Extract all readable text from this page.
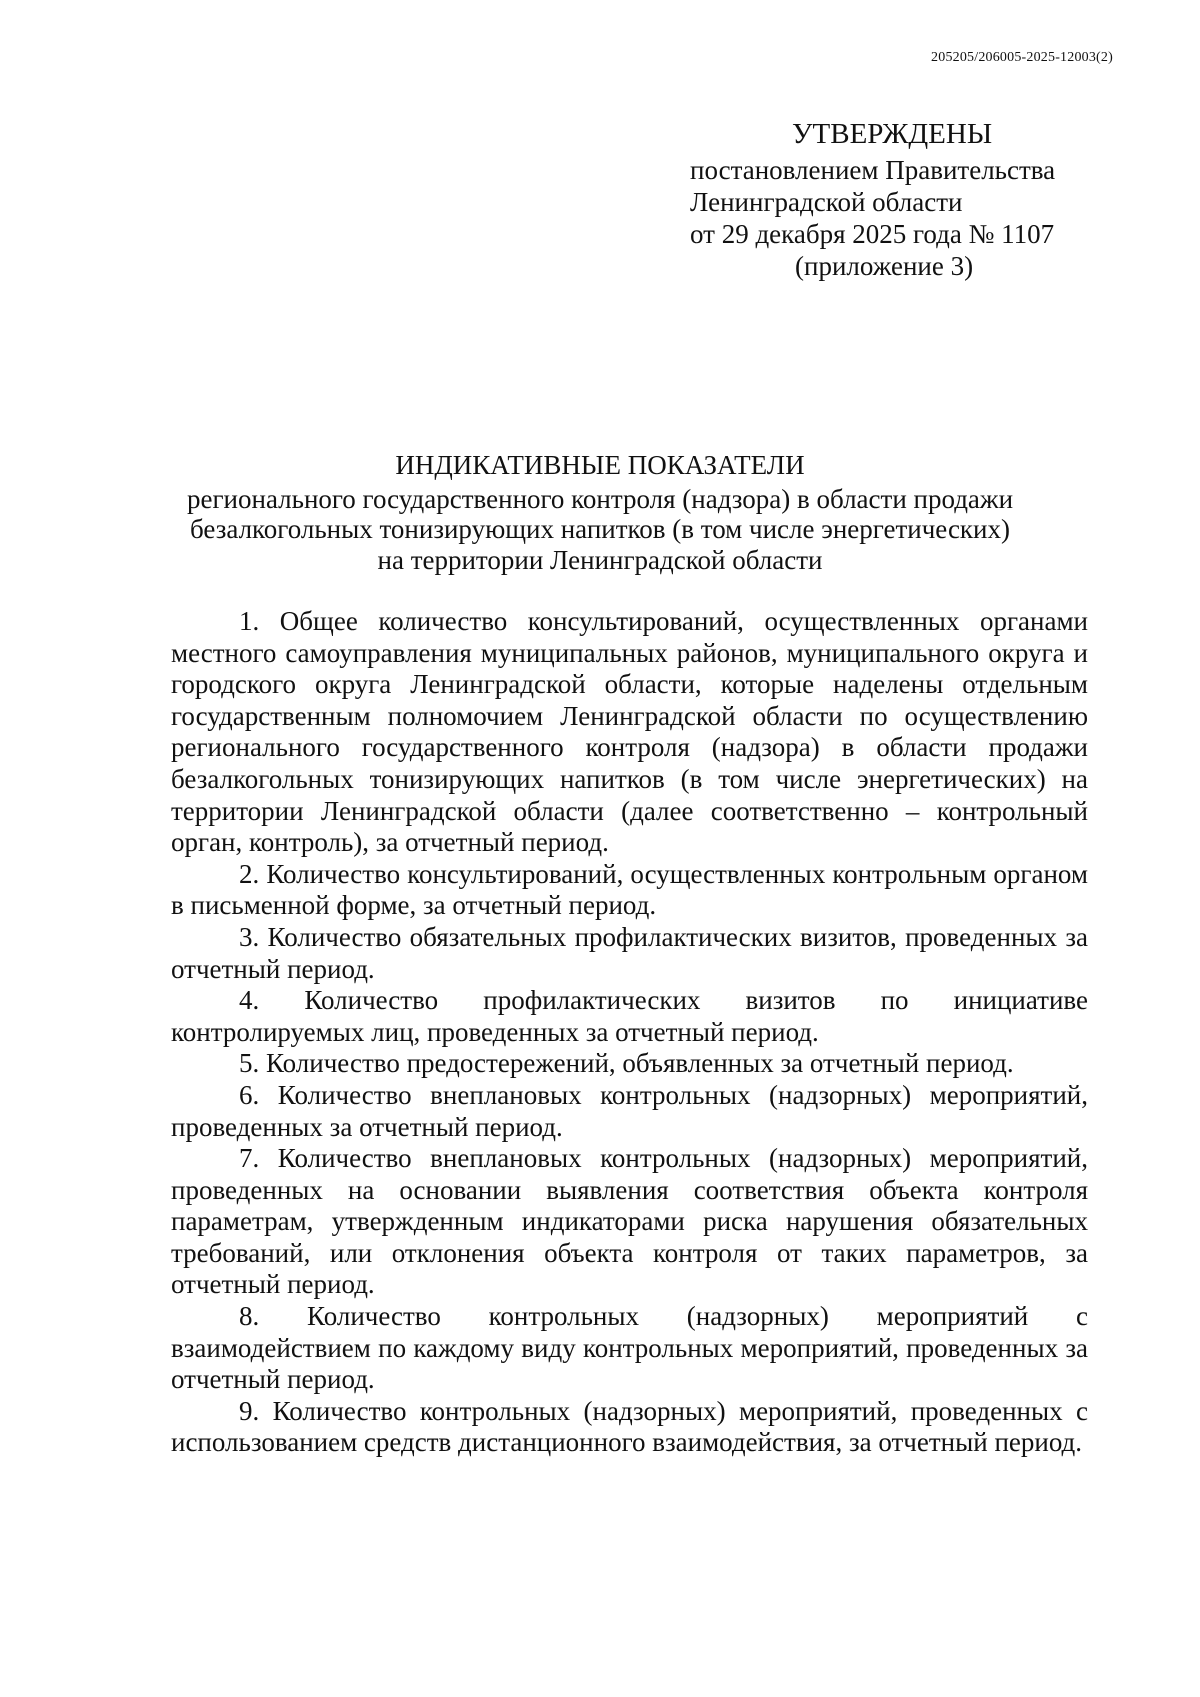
205205/206005-2025-12003(2)
УТВЕРЖДЕНЫ
постановлением Правительства
Ленинградской области
от 29 декабря 2025 года № 1107
(приложение 3)
ИНДИКАТИВНЫЕ ПОКАЗАТЕЛИ
регионального государственного контроля (надзора) в области продажи
безалкогольных тонизирующих напитков (в том числе энергетических)
на территории Ленинградской области

1. Общее количество консультирований, осуществленных органами местного самоуправления муниципальных районов, муниципального округа и городского округа Ленинградской области, которые наделены отдельным государственным полномочием Ленинградской области по осуществлению регионального государственного контроля (надзора) в области продажи безалкогольных тонизирующих напитков (в том числе энергетических) на территории Ленинградской области (далее соответственно – контрольный орган, контроль), за отчетный период.

2. Количество консультирований, осуществленных контрольным органом в письменной форме, за отчетный период.

3. Количество обязательных профилактических визитов, проведенных за отчетный период.

4. Количество профилактических визитов по инициативе контролируемых лиц, проведенных за отчетный период.

5. Количество предостережений, объявленных за отчетный период.

6. Количество внеплановых контрольных (надзорных) мероприятий, проведенных за отчетный период.

7. Количество внеплановых контрольных (надзорных) мероприятий, проведенных на основании выявления соответствия объекта контроля параметрам, утвержденным индикаторами риска нарушения обязательных требований, или отклонения объекта контроля от таких параметров, за отчетный период.

8. Количество контрольных (надзорных) мероприятий с взаимодействием по каждому виду контрольных мероприятий, проведенных за отчетный период.

9. Количество контрольных (надзорных) мероприятий, проведенных с использованием средств дистанционного взаимодействия, за отчетный период.
